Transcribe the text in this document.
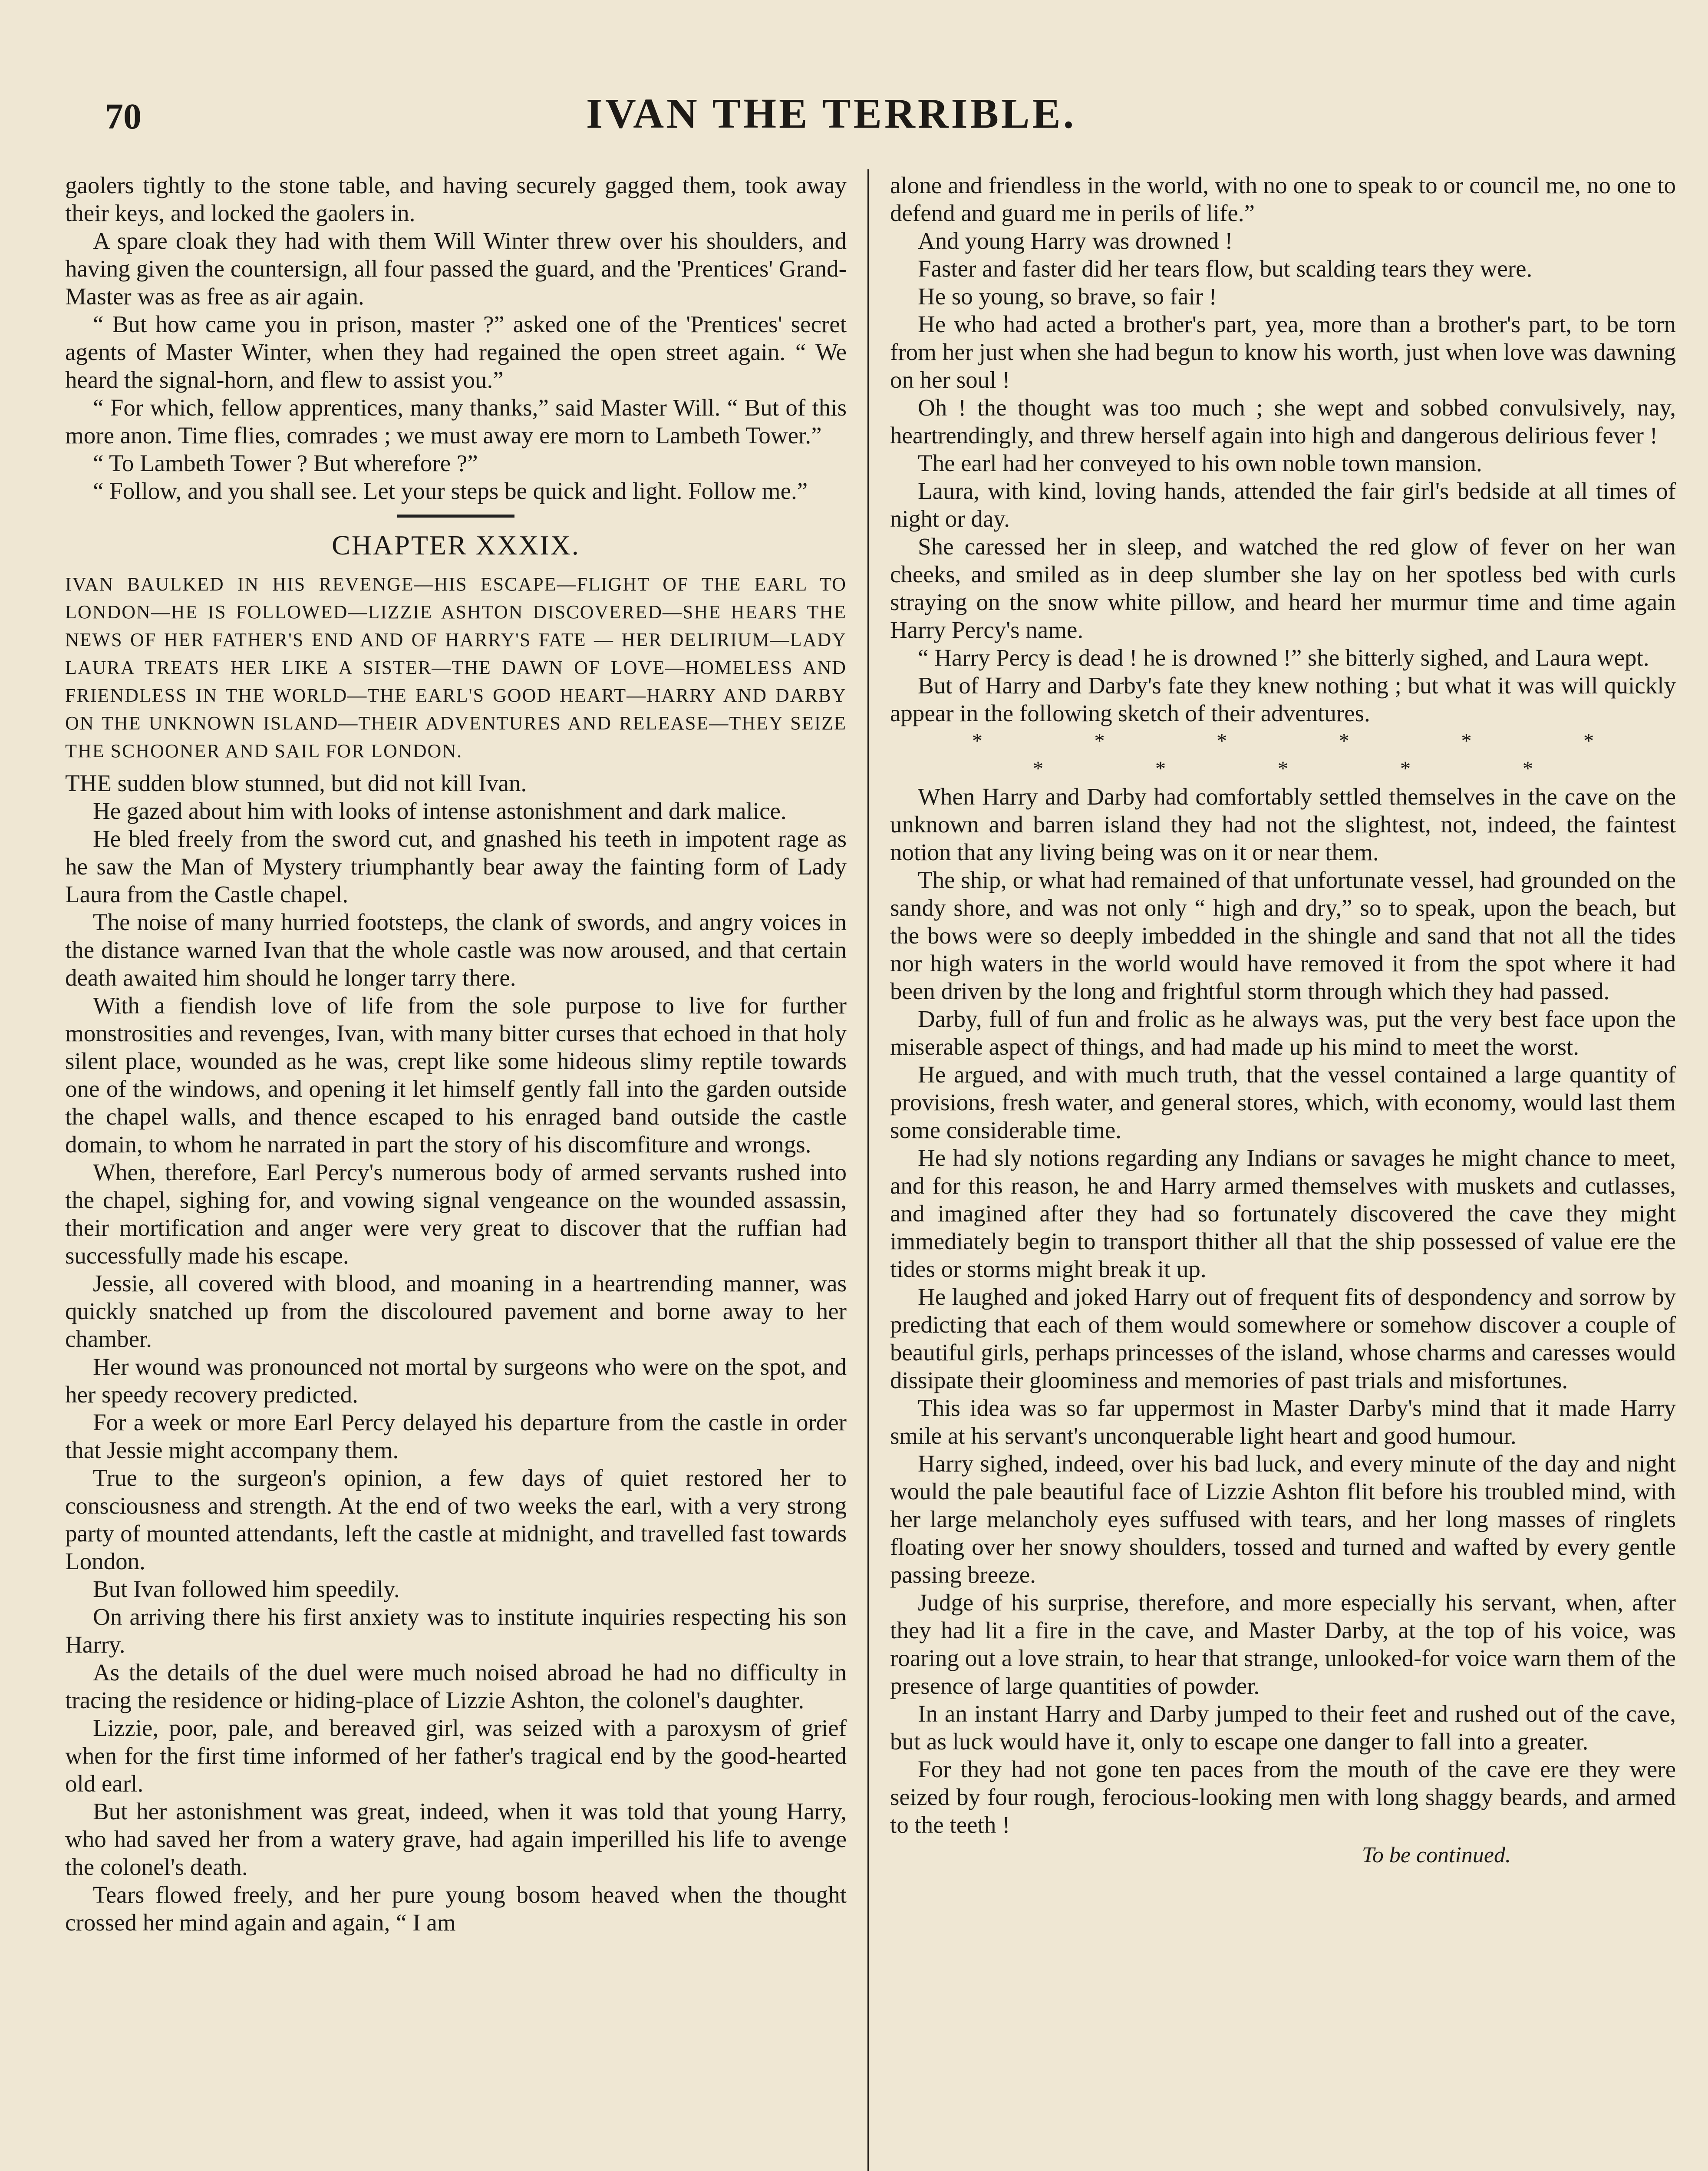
70	IVAN THE TERRIBLE.

gaolers tightly to the stone table, and having securely gagged them, took away their keys, and locked the gaolers in.

A spare cloak they had with them Will Winter threw over his shoulders, and having given the countersign, all four passed the guard, and the 'Prentices' Grand-Master was as free as air again.

“ But how came you in prison, master ?” asked one of the 'Prentices' secret agents of Master Winter, when they had regained the open street again. “ We heard the signal-horn, and flew to assist you.”

“ For which, fellow apprentices, many thanks,” said Master Will. “ But of this more anon. Time flies, comrades ; we must away ere morn to Lambeth Tower.”

“ To Lambeth Tower ? But wherefore ?”

“ Follow, and you shall see. Let your steps be quick and light. Follow me.”

CHAPTER XXXIX.

IVAN BAULKED IN HIS REVENGE—HIS ESCAPE—FLIGHT OF THE EARL TO LONDON—HE IS FOLLOWED—LIZZIE ASHTON DISCOVERED—SHE HEARS THE NEWS OF HER FATHER'S END AND OF HARRY'S FATE — HER DELIRIUM—LADY LAURA TREATS HER LIKE A SISTER—THE DAWN OF LOVE—HOMELESS AND FRIENDLESS IN THE WORLD—THE EARL'S GOOD HEART—HARRY AND DARBY ON THE UNKNOWN ISLAND—THEIR ADVENTURES AND RELEASE—THEY SEIZE THE SCHOONER AND SAIL FOR LONDON.

THE sudden blow stunned, but did not kill Ivan.

He gazed about him with looks of intense astonishment and dark malice.

He bled freely from the sword cut, and gnashed his teeth in impotent rage as he saw the Man of Mystery triumphantly bear away the fainting form of Lady Laura from the Castle chapel.

The noise of many hurried footsteps, the clank of swords, and angry voices in the distance warned Ivan that the whole castle was now aroused, and that certain death awaited him should he longer tarry there.

With a fiendish love of life from the sole purpose to live for further monstrosities and revenges, Ivan, with many bitter curses that echoed in that holy silent place, wounded as he was, crept like some hideous slimy reptile towards one of the windows, and opening it let himself gently fall into the garden outside the chapel walls, and thence escaped to his enraged band outside the castle domain, to whom he narrated in part the story of his discomfiture and wrongs.

When, therefore, Earl Percy's numerous body of armed servants rushed into the chapel, sighing for, and vowing signal vengeance on the wounded assassin, their mortification and anger were very great to discover that the ruffian had successfully made his escape.

Jessie, all covered with blood, and moaning in a heartrending manner, was quickly snatched up from the discoloured pavement and borne away to her chamber.

Her wound was pronounced not mortal by surgeons who were on the spot, and her speedy recovery predicted.

For a week or more Earl Percy delayed his departure from the castle in order that Jessie might accompany them.

True to the surgeon's opinion, a few days of quiet restored her to consciousness and strength. At the end of two weeks the earl, with a very strong party of mounted attendants, left the castle at midnight, and travelled fast towards London.

But Ivan followed him speedily.

On arriving there his first anxiety was to institute inquiries respecting his son Harry.

As the details of the duel were much noised abroad he had no difficulty in tracing the residence or hiding-place of Lizzie Ashton, the colonel's daughter.

Lizzie, poor, pale, and bereaved girl, was seized with a paroxysm of grief when for the first time informed of her father's tragical end by the good-hearted old earl.

But her astonishment was great, indeed, when it was told that young Harry, who had saved her from a watery grave, had again imperilled his life to avenge the colonel's death.

Tears flowed freely, and her pure young bosom heaved when the thought crossed her mind again and again, “ I am

alone and friendless in the world, with no one to speak to or council me, no one to defend and guard me in perils of life.”

And young Harry was drowned !

Faster and faster did her tears flow, but scalding tears they were.

He so young, so brave, so fair !

He who had acted a brother's part, yea, more than a brother's part, to be torn from her just when she had begun to know his worth, just when love was dawning on her soul !

Oh ! the thought was too much ; she wept and sobbed convulsively, nay, heartrendingly, and threw herself again into high and dangerous delirious fever !

The earl had her conveyed to his own noble town mansion.

Laura, with kind, loving hands, attended the fair girl's bedside at all times of night or day.

She caressed her in sleep, and watched the red glow of fever on her wan cheeks, and smiled as in deep slumber she lay on her spotless bed with curls straying on the snow white pillow, and heard her murmur time and time again Harry Percy's name.

“ Harry Percy is dead ! he is drowned !” she bitterly sighed, and Laura wept.

But of Harry and Darby's fate they knew nothing ; but what it was will quickly appear in the following sketch of their adventures.

*	*	*	*	*	*
*	*	*	*	*

When Harry and Darby had comfortably settled themselves in the cave on the unknown and barren island they had not the slightest, not, indeed, the faintest notion that any living being was on it or near them.

The ship, or what had remained of that unfortunate vessel, had grounded on the sandy shore, and was not only “ high and dry,” so to speak, upon the beach, but the bows were so deeply imbedded in the shingle and sand that not all the tides nor high waters in the world would have removed it from the spot where it had been driven by the long and frightful storm through which they had passed.

Darby, full of fun and frolic as he always was, put the very best face upon the miserable aspect of things, and had made up his mind to meet the worst.

He argued, and with much truth, that the vessel contained a large quantity of provisions, fresh water, and general stores, which, with economy, would last them some considerable time.

He had sly notions regarding any Indians or savages he might chance to meet, and for this reason, he and Harry armed themselves with muskets and cutlasses, and imagined after they had so fortunately discovered the cave they might immediately begin to transport thither all that the ship possessed of value ere the tides or storms might break it up.

He laughed and joked Harry out of frequent fits of despondency and sorrow by predicting that each of them would somewhere or somehow discover a couple of beautiful girls, perhaps princesses of the island, whose charms and caresses would dissipate their gloominess and memories of past trials and misfortunes.

This idea was so far uppermost in Master Darby's mind that it made Harry smile at his servant's unconquerable light heart and good humour.

Harry sighed, indeed, over his bad luck, and every minute of the day and night would the pale beautiful face of Lizzie Ashton flit before his troubled mind, with her large melancholy eyes suffused with tears, and her long masses of ringlets floating over her snowy shoulders, tossed and turned and wafted by every gentle passing breeze.

Judge of his surprise, therefore, and more especially his servant, when, after they had lit a fire in the cave, and Master Darby, at the top of his voice, was roaring out a love strain, to hear that strange, unlooked-for voice warn them of the presence of large quantities of powder.

In an instant Harry and Darby jumped to their feet and rushed out of the cave, but as luck would have it, only to escape one danger to fall into a greater.

For they had not gone ten paces from the mouth of the cave ere they were seized by four rough, ferocious-looking men with long shaggy beards, and armed to the teeth !

To be continued.
